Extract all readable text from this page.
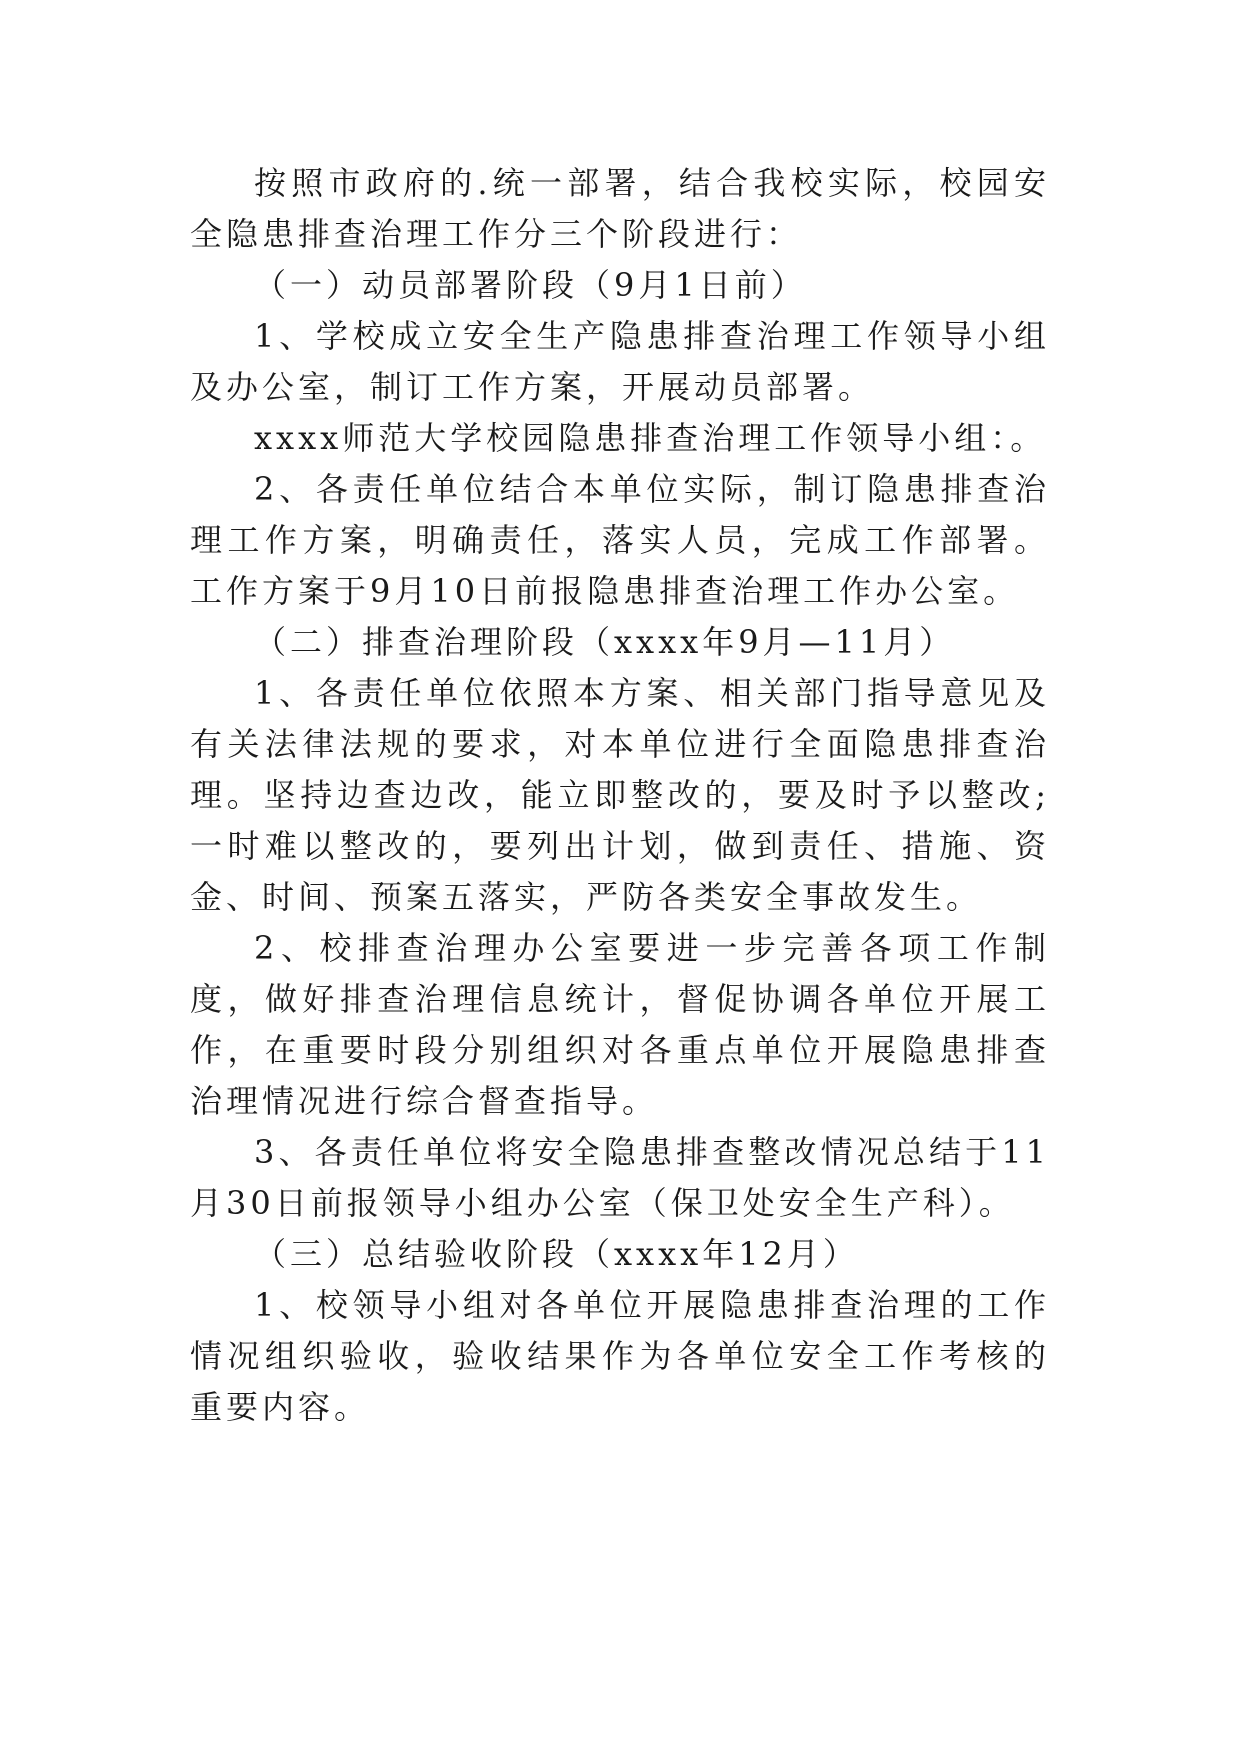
按照市政府的.统一部署，结合我校实际，校园安全隐患排查治理工作分三个阶段进行：

（一）动员部署阶段（9月1日前）

1、学校成立安全生产隐患排查治理工作领导小组及办公室，制订工作方案，开展动员部署。

xxxx师范大学校园隐患排查治理工作领导小组：。

2、各责任单位结合本单位实际，制订隐患排查治理工作方案，明确责任，落实人员，完成工作部署。工作方案于9月10日前报隐患排查治理工作办公室。

（二）排查治理阶段（xxxx年9月—11月）

1、各责任单位依照本方案、相关部门指导意见及有关法律法规的要求，对本单位进行全面隐患排查治理。坚持边查边改，能立即整改的，要及时予以整改;一时难以整改的，要列出计划，做到责任、措施、资金、时间、预案五落实，严防各类安全事故发生。

2、校排查治理办公室要进一步完善各项工作制度，做好排查治理信息统计，督促协调各单位开展工作，在重要时段分别组织对各重点单位开展隐患排查治理情况进行综合督查指导。

3、各责任单位将安全隐患排查整改情况总结于11月30日前报领导小组办公室（保卫处安全生产科）。

（三）总结验收阶段（xxxx年12月）

1、校领导小组对各单位开展隐患排查治理的工作情况组织验收，验收结果作为各单位安全工作考核的重要内容。
